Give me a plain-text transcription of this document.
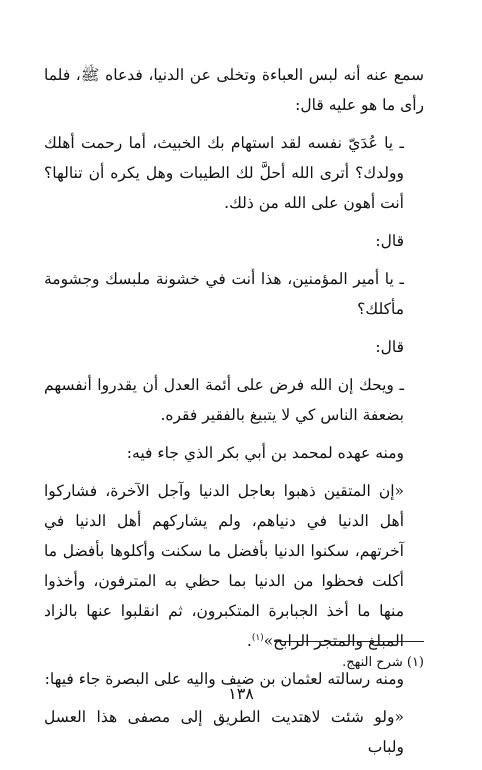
سمع عنه أنه لبس العباءة وتخلى عن الدنيا، فدعاه ﷺ، فلما رأى ما هو عليه قال:

ـ يا عُدَيّ نفسه لقد استهام بك الخبيث، أما رحمت أهلك وولدك؟ أترى الله أحلَّ لك الطيبات وهل يكره أن تنالها؟ أنت أهون على الله من ذلك.

قال:

ـ يا أمير المؤمنين، هذا أنت في خشونة ملبسك وجشومة مأكلك؟

قال:

ـ ويحك إن الله فرض على أئمة العدل أن يقدروا أنفسهم بضعفة الناس كي لا يتبيغ بالفقير فقره.

ومنه عهده لمحمد بن أبي بكر الذي جاء فيه:

«إن المتقين ذهبوا بعاجل الدنيا وآجل الآخرة، فشاركوا أهل الدنيا في دنياهم، ولم يشاركهم أهل الدنيا في آخرتهم، سكنوا الدنيا بأفضل ما سكنت وأكلوها بأفضل ما أكلت فحظوا من الدنيا بما حظي به المترفون، وأخذوا منها ما أخذ الجبابرة المتكبرون، ثم انقلبوا عنها بالزاد المبلغ والمتجر الرابح»$^{(١)}$.

ومنه رسالته لعثمان بن ضيف واليه على البصرة جاء فيها:

«ولو شئت لاهتديت الطريق إلى مصفى هذا العسل ولباب

(١) شرح النهج.
١٣٨
